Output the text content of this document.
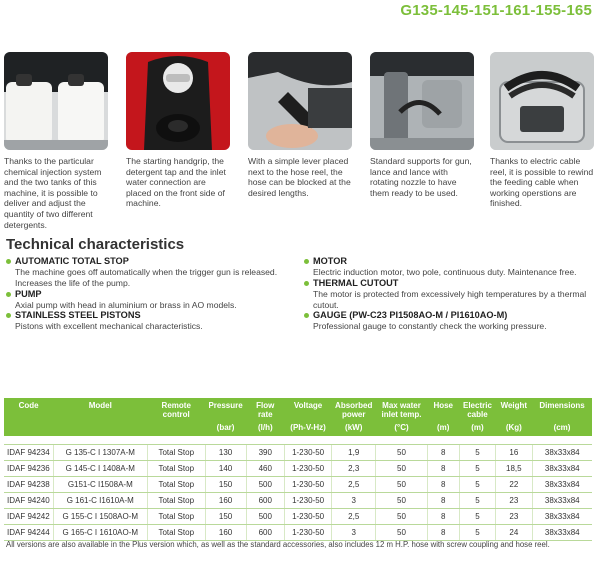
G135-145-151-161-155-165
Thanks to the particular chemical injection system and the two tanks of this machine, it is possible to deliver and adjust the quantity of two different detergents.
The starting handgrip, the detergent tap and the inlet water connection are placed on the front side of machine.
With a simple lever placed next to the hose reel, the hose can be blocked at the desired lengths.
Standard supports for gun, lance and lance with rotating nozzle to have them ready to be used.
Thanks to electric cable reel, it is possible to rewind the feeding cable when working operstions are finished.
Technical characteristics
AUTOMATIC TOTAL STOP
The machine goes off automatically when the trigger gun is released. Increases the life of the pump.
PUMP
Axial pump with head in aluminium or brass in AO models.
STAINLESS STEEL PISTONS
Pistons with excellent mechanical characteristics.
MOTOR
Electric induction motor, two pole, continuous duty. Maintenance free.
THERMAL CUTOUT
The motor is protected from excessively high temperatures by a thermal cutout.
GAUGE (PW-C23 PI1508AO-M / PI1610AO-M)
Professional gauge to constantly check the working pressure.
Code	Model	Remote control	Pressure	Flow rate	Voltage	Absorbed power	Max water inlet temp.	Hose	Electric cable	Weight	Dimensions
			(bar)	(l/h)	(Ph-V-Hz)	(kW)	(°C)	(m)	(m)	(Kg)	(cm)

IDAF 94234	G 135-C I 1307A-M	Total Stop	130	390	1-230-50	1,9	50	8	5	16	38x33x84
IDAF 94236	G 145-C I 1408A-M	Total Stop	140	460	1-230-50	2,3	50	8	5	18,5	38x33x84
IDAF 94238	G151-C I1508A-M	Total Stop	150	500	1-230-50	2,5	50	8	5	22	38x33x84
IDAF 94240	G 161-C I1610A-M	Total Stop	160	600	1-230-50	3	50	8	5	23	38x33x84
IDAF 94242	G 155-C I 1508AO-M	Total Stop	150	500	1-230-50	2,5	50	8	5	23	38x33x84
IDAF 94244	G 165-C I 1610AO-M	Total Stop	160	600	1-230-50	3	50	8	5	24	38x33x84
All versions are also available in the Plus version which, as well as the standard accessories, also includes 12 m H.P. hose with screw coupling and hose reel.
